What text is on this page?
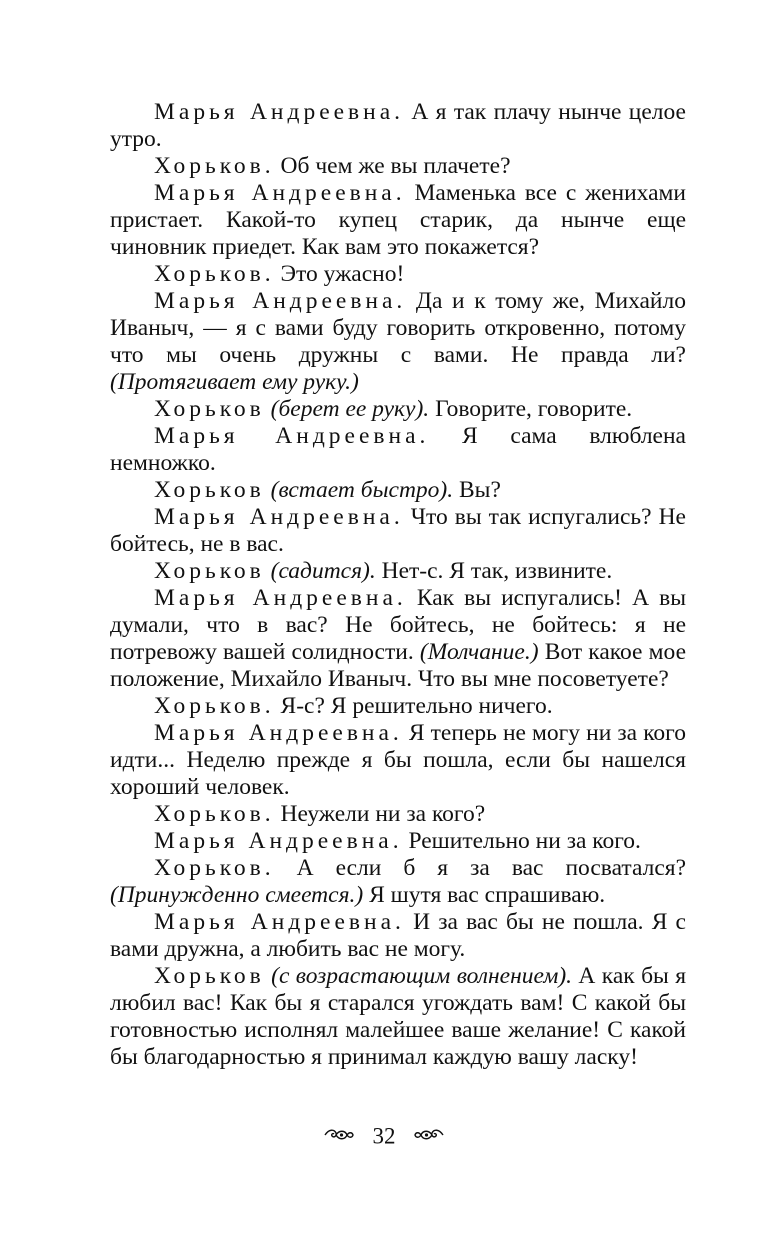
Марья Андреевна. А я так плачу нынче целое утро.

Хорьков. Об чем же вы плачете?

Марья Андреевна. Маменька все с женихами пристает. Какой-то купец старик, да нынче еще чиновник приедет. Как вам это покажется?

Хорьков. Это ужасно!

Марья Андреевна. Да и к тому же, Михайло Иваныч, — я с вами буду говорить откровенно, потому что мы очень дружны с вами. Не правда ли? (Протягивает ему руку.)

Хорьков (берет ее руку). Говорите, говорите.

Марья Андреевна. Я сама влюблена немножко.

Хорьков (встает быстро). Вы?

Марья Андреевна. Что вы так испугались? Не бойтесь, не в вас.

Хорьков (садится). Нет-с. Я так, извините.

Марья Андреевна. Как вы испугались! А вы думали, что в вас? Не бойтесь, не бойтесь: я не потревожу вашей солидности. (Молчание.) Вот какое мое положение, Михайло Иваныч. Что вы мне посоветуете?

Хорьков. Я-с? Я решительно ничего.

Марья Андреевна. Я теперь не могу ни за кого идти... Неделю прежде я бы пошла, если бы нашелся хороший человек.

Хорьков. Неужели ни за кого?

Марья Андреевна. Решительно ни за кого.

Хорьков. А если б я за вас посватался? (Принужденно смеется.) Я шутя вас спрашиваю.

Марья Андреевна. И за вас бы не пошла. Я с вами дружна, а любить вас не могу.

Хорьков (с возрастающим волнением). А как бы я любил вас! Как бы я старался угождать вам! С какой бы готовностью исполнял малейшее ваше желание! С какой бы благодарностью я принимал каждую вашу ласку!

32
